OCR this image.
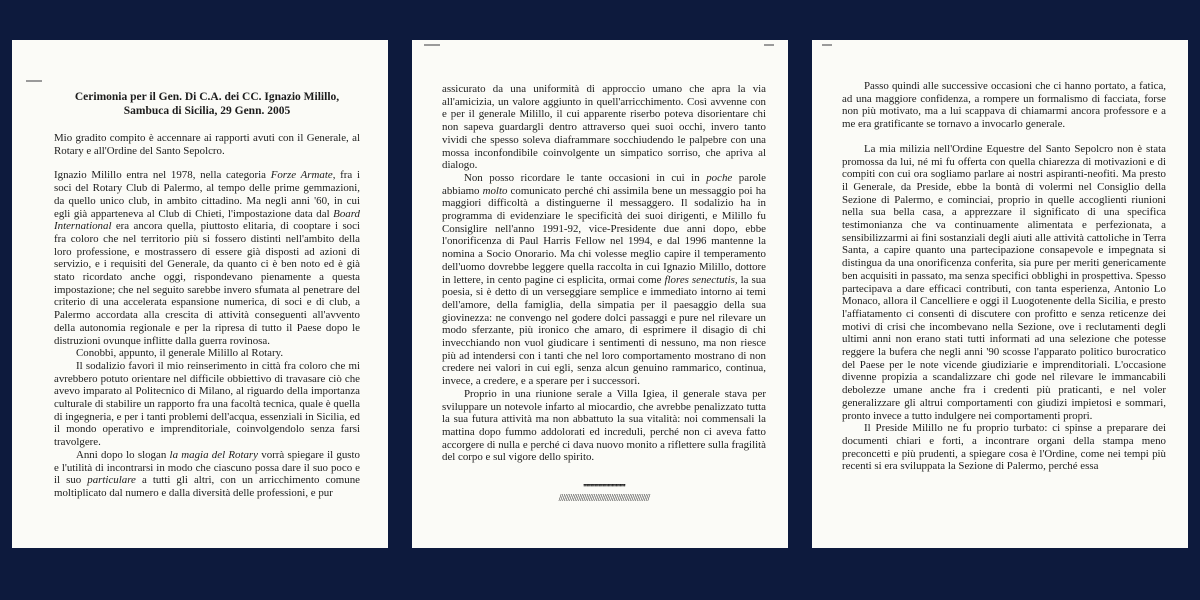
Cerimonia per il Gen. Di C.A. dei CC. Ignazio Milillo,
Sambuca di Sicilia, 29 Genn. 2005

Mio gradito compito è accennare ai rapporti avuti con il Generale, al Rotary e all'Ordine del Santo Sepolcro.

Ignazio Milillo entra nel 1978, nella categoria Forze Armate, fra i soci del Rotary Club di Palermo, al tempo delle prime gemmazioni, da quello unico club, in ambito cittadino. Ma negli anni '60, in cui egli già apparteneva al Club di Chieti, l'impostazione data dal Board International era ancora quella, piuttosto elitaria, di cooptare i soci fra coloro che nel territorio più si fossero distinti nell'ambito della loro professione, e mostrassero di essere già disposti ad azioni di servizio, e i requisiti del Generale, da quanto ci è ben noto ed è già stato ricordato anche oggi, rispondevano pienamente a questa impostazione; che nel seguito sarebbe invero sfumata al penetrare del criterio di una accelerata espansione numerica, di soci e di club, a Palermo accordata alla crescita di attività conseguenti all'avvento della autonomia regionale e per la ripresa di tutto il Paese dopo le distruzioni ovunque inflitte dalla guerra rovinosa.

Conobbi, appunto, il generale Milillo al Rotary.

Il sodalizio favorì il mio reinserimento in città fra coloro che mi avrebbero potuto orientare nel difficile obbiettivo di travasare ciò che avevo imparato al Politecnico di Milano, al riguardo della importanza culturale di stabilire un rapporto fra una facoltà tecnica, quale è quella di ingegneria, e per i tanti problemi dell'acqua, essenziali in Sicilia, ed il mondo operativo e imprenditoriale, coinvolgendolo senza farsi travolgere.

Anni dopo lo slogan la magia del Rotary vorrà spiegare il gusto e l'utilità di incontrarsi in modo che ciascuno possa dare il suo poco e il suo particulare a tutti gli altri, con un arricchimento comune moltiplicato dal numero e dalla diversità delle professioni, e pur

assicurato da una uniformità di approccio umano che apra la via all'amicizia, un valore aggiunto in quell'arricchimento. Così avvenne con e per il generale Milillo, il cui apparente riserbo poteva disorientare chi non sapeva guardargli dentro attraverso quei suoi occhi, invero tanto vividi che spesso soleva diaframmare socchiudendo le palpebre con una mossa inconfondibile coinvolgente un simpatico sorriso, che apriva al dialogo.

Non posso ricordare le tante occasioni in cui in poche parole abbiamo molto comunicato perché chi assimila bene un messaggio poi ha maggiori difficoltà a distinguerne il messaggero. Il sodalizio ha in programma di evidenziare le specificità dei suoi dirigenti, e Milillo fu Consiglire nell'anno 1991-92, vice-Presidente due anni dopo, ebbe l'onorificenza di Paul Harris Fellow nel 1994, e dal 1996 mantenne la nomina a Socio Onorario. Ma chi volesse meglio capire il temperamento dell'uomo dovrebbe leggere quella raccolta in cui Ignazio Milillo, dottore in lettere, in cento pagine ci esplicita, ormai come flores senectutis, la sua poesia, si è detto di un verseggiare semplice e immediato intorno ai temi dell'amore, della famiglia, della simpatia per il paesaggio della sua giovinezza: ne convengo nel godere dolci passaggi e pure nel rilevare un modo sferzante, più ironico che amaro, di esprimere il disagio di chi invecchiando non vuol giudicare i sentimenti di nessuno, ma non riesce più ad intendersi con i tanti che nel loro comportamento mostrano di non credere nei valori in cui egli, senza alcun genuino rammarico, continua, invece, a credere, e a sperare per i successori.

Proprio in una riunione serale a Villa Igiea, il generale stava per sviluppare un notevole infarto al miocardio, che avrebbe penalizzato tutta la sua futura attività ma non abbattuto la sua vitalità: noi commensali la mattina dopo fummo addolorati ed increduli, perché non ci aveva fatto accorgere di nulla e perché ci dava nuovo monito a riflettere sulla fragilità del corpo e sul vigore dello spirito.

''''''''''''''''''''''''''''''''''''''''''''''''''''
///////////////////////////////////////////////////

Passo quindi alle successive occasioni che ci hanno portato, a fatica, ad una maggiore confidenza, a rompere un formalismo di facciata, forse non più motivato, ma a lui scappava di chiamarmi ancora professore e a me era gratificante se tornavo a invocarlo generale.

La mia milizia nell'Ordine Equestre del Santo Sepolcro non è stata promossa da lui, né mi fu offerta con quella chiarezza di motivazioni e di compiti con cui ora sogliamo parlare ai nostri aspiranti-neofiti. Ma presto il Generale, da Preside, ebbe la bontà di volermi nel Consiglio della Sezione di Palermo, e cominciai, proprio in quelle accoglienti riunioni nella sua bella casa, a apprezzare il significato di una specifica testimonianza che va continuamente alimentata e perfezionata, a sensibilizzarmi ai fini sostanziali degli aiuti alle attività cattoliche in Terra Santa, a capire quanto una partecipazione consapevole e impegnata si distingua da una onorificenza conferita, sia pure per meriti genericamente ben acquisiti in passato, ma senza specifici obblighi in prospettiva. Spesso partecipava a dare efficaci contributi, con tanta esperienza, Antonio Lo Monaco, allora il Cancelliere e oggi il Luogotenente della Sicilia, e presto l'affiatamento ci consentì di discutere con profitto e senza reticenze dei motivi di crisi che incombevano nella Sezione, ove i reclutamenti degli ultimi anni non erano stati tutti informati ad una selezione che potesse reggere la bufera che negli anni '90 scosse l'apparato politico burocratico del Paese per le note vicende giudiziarie e imprenditoriali. L'occasione divenne propizia a scandalizzare chi gode nel rilevare le immancabili debolezze umane anche fra i credenti più praticanti, e nel voler generalizzare gli altrui comportamenti con giudizi impietosi e sommari, pronto invece a tutto indulgere nei comportamenti propri.

Il Preside Milillo ne fu proprio turbato: ci spinse a preparare dei documenti chiari e forti, a incontrare organi della stampa meno preconcetti e più prudenti, a spiegare cosa è l'Ordine, come nei tempi più recenti si era sviluppata la Sezione di Palermo, perché essa
